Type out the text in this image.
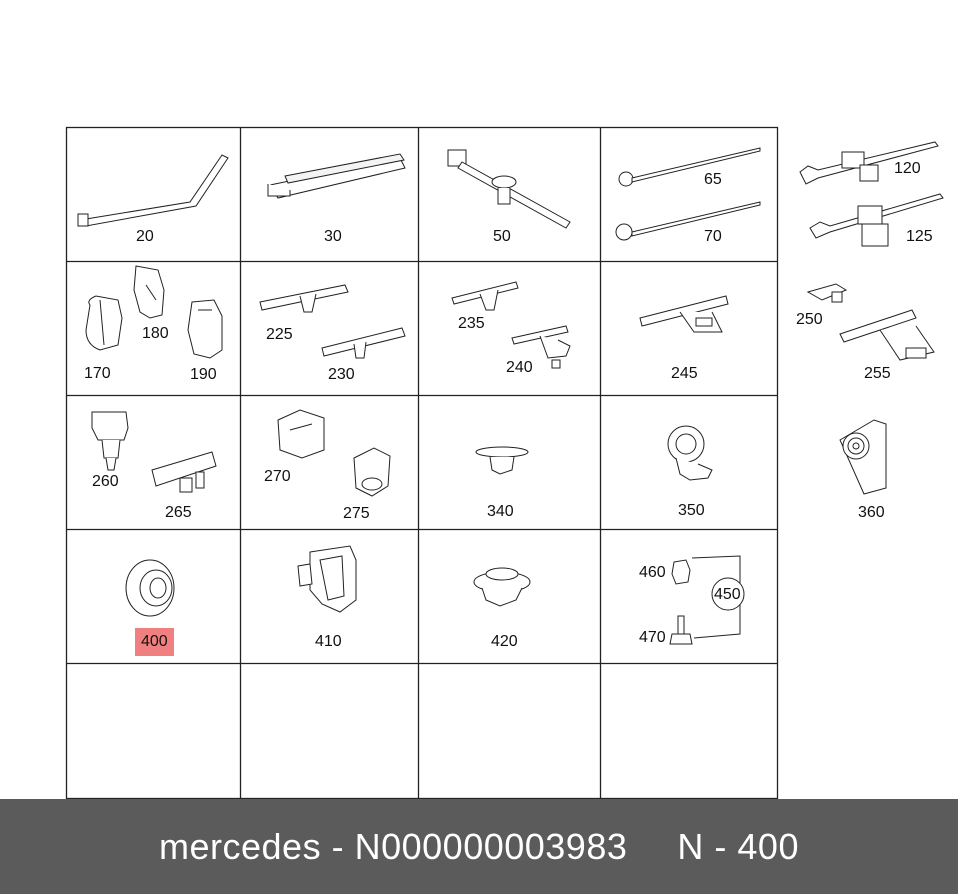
20	30	50
65
70
120
125
170
180
190
225
230
235
240	245
250
255
260
265
270
275	340	350	360
400	410	420
460
470
450
mercedes
-
N000000003983 N
-
400
